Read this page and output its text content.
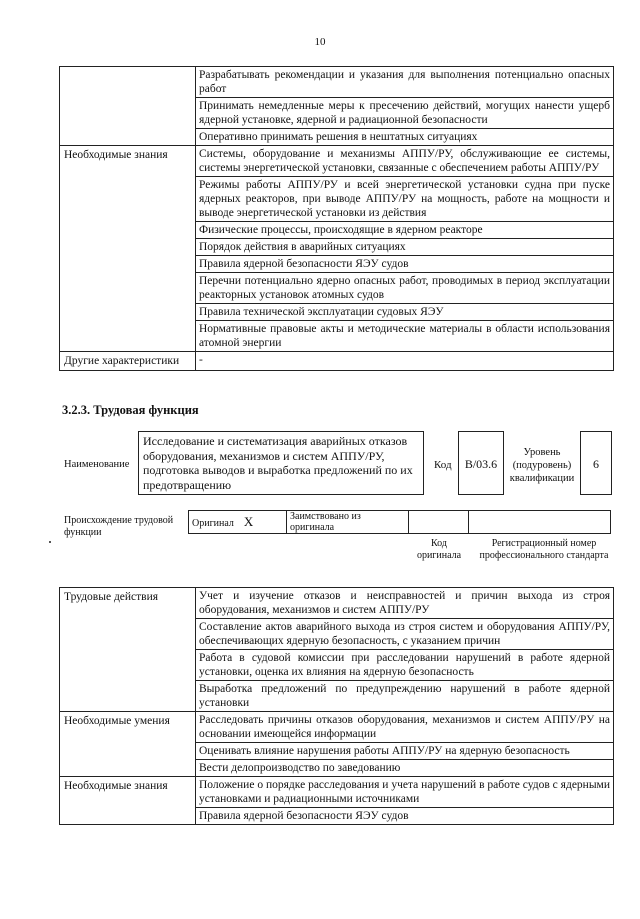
10
	Разрабатывать рекомендации и указания для выполнения потенциально опасных работ
	Принимать немедленные меры к пресечению действий, могущих нанести ущерб ядерной установке, ядерной и радиационной безопасности
	Оперативно принимать решения в нештатных ситуациях
Необходимые знания	Системы, оборудование и механизмы АППУ/РУ, обслуживающие ее системы, системы энергетической установки, связанные с обеспечением работы АППУ/РУ
	Режимы работы АППУ/РУ и всей энергетической установки судна при пуске ядерных реакторов, при выводе АППУ/РУ на мощность, работе на мощности и выводе энергетической установки из действия
	Физические процессы, происходящие в ядерном реакторе
	Порядок действия в аварийных ситуациях
	Правила ядерной безопасности ЯЭУ судов
	Перечни потенциально ядерно опасных работ, проводимых в период эксплуатации реакторных установок атомных судов
	Правила технической эксплуатации судовых ЯЭУ
	Нормативные правовые акты и методические материалы в области использования атомной энергии
Другие характеристики	-
3.2.3. Трудовая функция
Наименование
Исследование и систематизация аварийных отказов оборудования, механизмов и систем АППУ/РУ, подготовка выводов и выработка предложений по их предотвращению
Код	B/03.6
Уровень (подуровень) квалификации
6
Происхождение трудовой функции
Оригинал X	Заимствовано из оригинала		
Код оригинала
Регистрационный номер профессионального стандарта
Трудовые действия	Учет и изучение отказов и неисправностей и причин выхода из строя оборудования, механизмов и систем АППУ/РУ
	Составление актов аварийного выхода из строя систем и оборудования АППУ/РУ, обеспечивающих ядерную безопасность, с указанием причин
	Работа в судовой комиссии при расследовании нарушений в работе ядерной установки, оценка их влияния на ядерную безопасность
	Выработка предложений по предупреждению нарушений в работе ядерной установки
Необходимые умения	Расследовать причины отказов оборудования, механизмов и систем АППУ/РУ на основании имеющейся информации
	Оценивать влияние нарушения работы АППУ/РУ на ядерную безопасность
	Вести делопроизводство по заведованию
Необходимые знания	Положение о порядке расследования и учета нарушений в работе судов с ядерными установками и радиационными источниками
	Правила ядерной безопасности ЯЭУ судов
